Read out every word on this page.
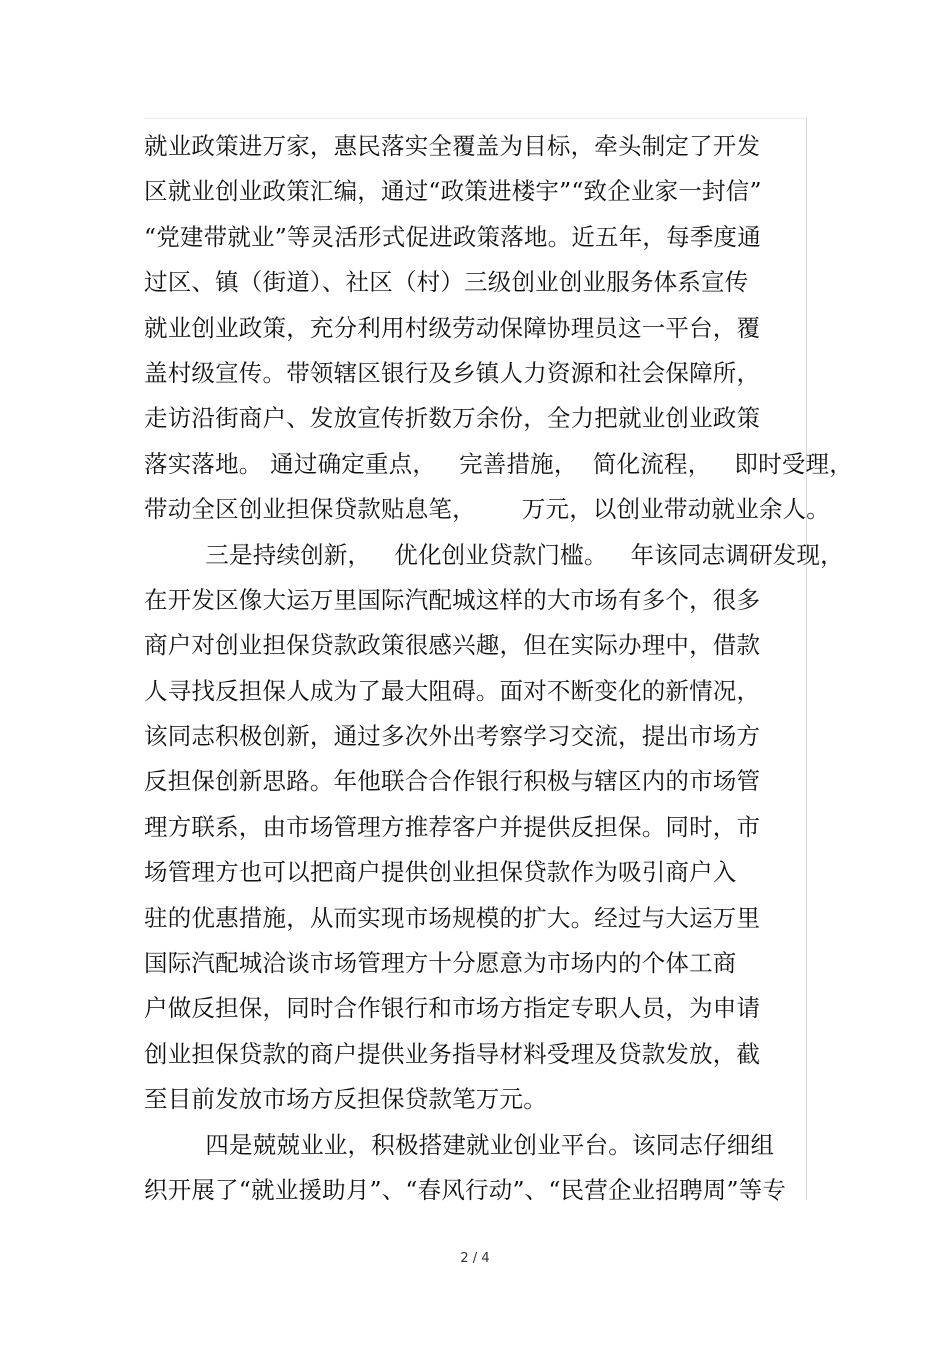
就业政策进万家，惠民落实全覆盖为目标，牵头制定了开发
区就业创业政策汇编，通过“政策进楼宇”“致企业家一封信”
“党建带就业”等灵活形式促进政策落地。近五年，每季度通
过区、镇（街道）、社区（村）三级创业创业服务体系宣传
就业创业政策，充分利用村级劳动保障协理员这一平台，覆
盖村级宣传。带领辖区银行及乡镇人力资源和社会保障所，
走访沿街商户、发放宣传折数万余份，全力把就业创业政策
落实落地。 通过确定重点，   完善措施，  简化流程，   即时受理，
带动全区创业担保贷款贴息笔，      万元，以创业带动就业余人。
三是持续创新，   优化创业贷款门槛。   年该同志调研发现，
在开发区像大运万里国际汽配城这样的大市场有多个，很多
商户对创业担保贷款政策很感兴趣，但在实际办理中，借款
人寻找反担保人成为了最大阻碍。面对不断变化的新情况，
该同志积极创新，通过多次外出考察学习交流，提出市场方
反担保创新思路。年他联合合作银行积极与辖区内的市场管
理方联系，由市场管理方推荐客户并提供反担保。同时，市
场管理方也可以把商户提供创业担保贷款作为吸引商户入
驻的优惠措施，从而实现市场规模的扩大。经过与大运万里
国际汽配城洽谈市场管理方十分愿意为市场内的个体工商
户做反担保，同时合作银行和市场方指定专职人员，为申请
创业担保贷款的商户提供业务指导材料受理及贷款发放，截
至目前发放市场方反担保贷款笔万元。
四是兢兢业业，积极搭建就业创业平台。该同志仔细组
织开展了“就业援助月”、“春风行动”、“民营企业招聘周”等专
2 / 4
